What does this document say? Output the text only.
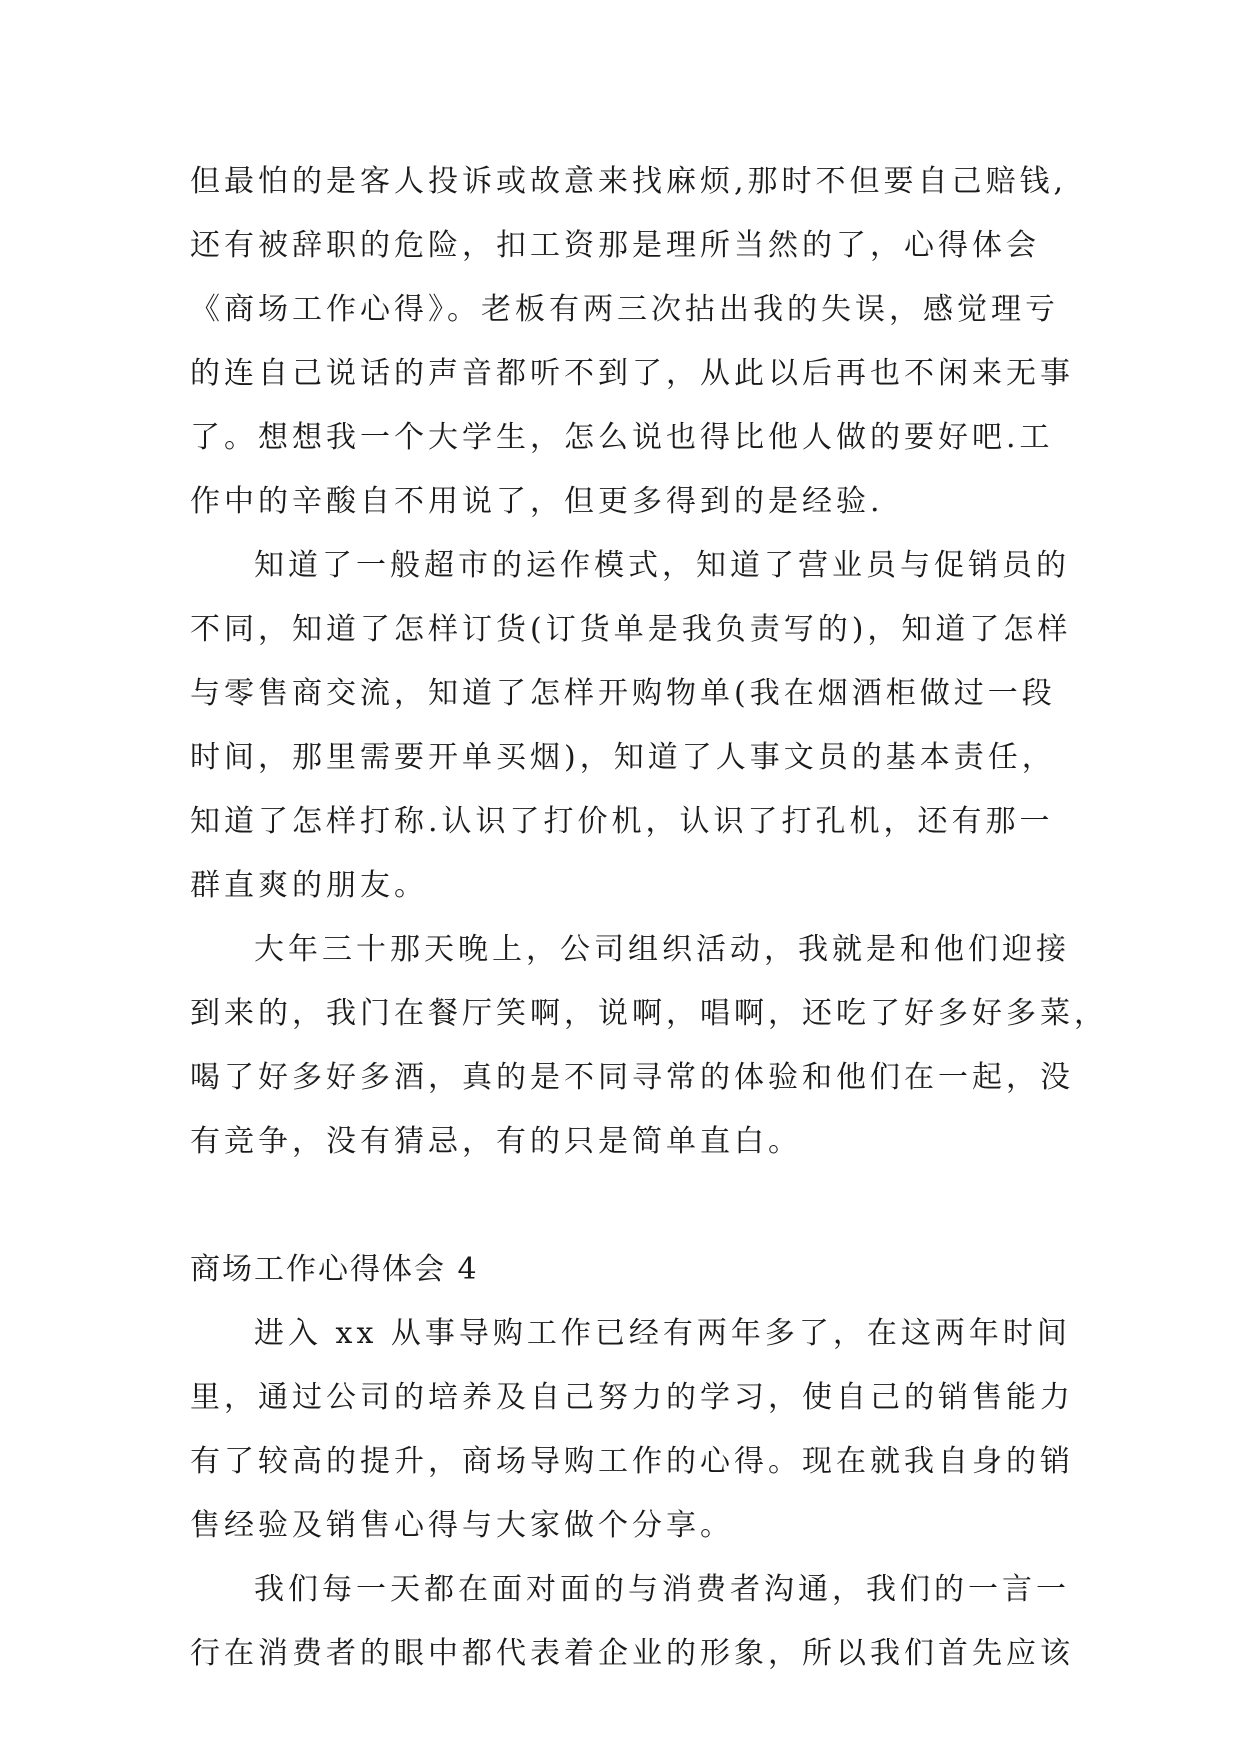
但最怕的是客人投诉或故意来找麻烦,那时不但要自己赔钱,
还有被辞职的危险，扣工资那是理所当然的了，心得体会
《商场工作心得》。老板有两三次拈出我的失误，感觉理亏
的连自己说话的声音都听不到了，从此以后再也不闲来无事
了。想想我一个大学生，怎么说也得比他人做的要好吧.工
作中的辛酸自不用说了，但更多得到的是经验.
知道了一般超市的运作模式，知道了营业员与促销员的
不同，知道了怎样订货(订货单是我负责写的)，知道了怎样
与零售商交流，知道了怎样开购物单(我在烟酒柜做过一段
时间，那里需要开单买烟)，知道了人事文员的基本责任，
知道了怎样打称.认识了打价机，认识了打孔机，还有那一
群直爽的朋友。
大年三十那天晚上，公司组织活动，我就是和他们迎接
到来的，我门在餐厅笑啊，说啊，唱啊，还吃了好多好多菜，
喝了好多好多酒，真的是不同寻常的体验和他们在一起，没
有竞争，没有猜忌，有的只是简单直白。
商场工作心得体会 4
进入 xx 从事导购工作已经有两年多了，在这两年时间
里，通过公司的培养及自己努力的学习，使自己的销售能力
有了较高的提升，商场导购工作的心得。现在就我自身的销
售经验及销售心得与大家做个分享。
我们每一天都在面对面的与消费者沟通，我们的一言一
行在消费者的眼中都代表着企业的形象，所以我们首先应该
